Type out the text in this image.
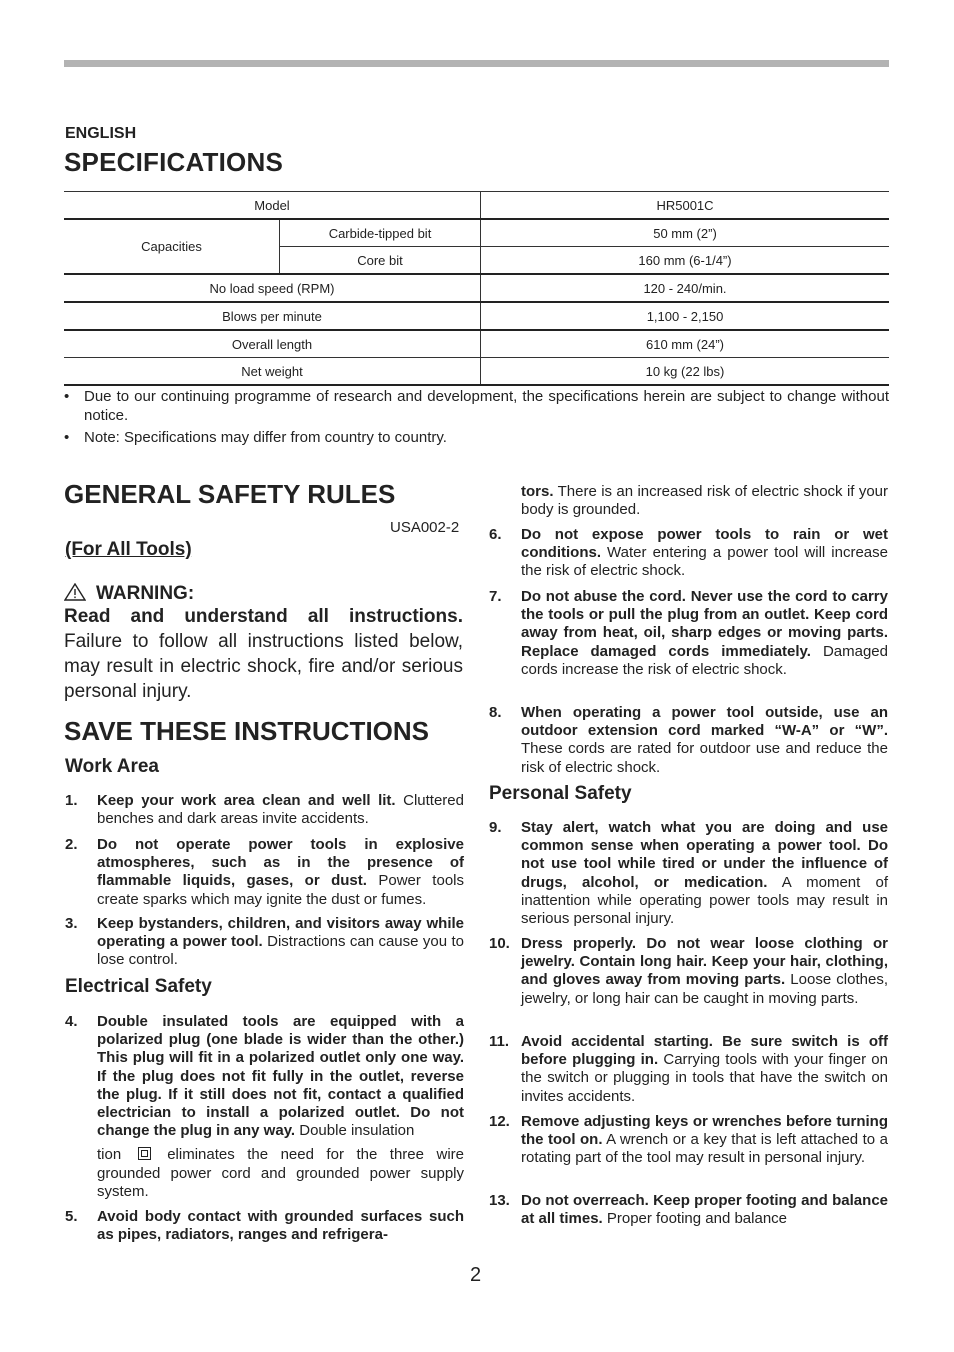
ENGLISH
SPECIFICATIONS
Model		HR5001C
Capacities	Carbide-tipped bit	50 mm (2”)
	Core bit	160 mm (6-1/4”)
No load speed (RPM)		120 - 240/min.
Blows per minute		1,100 - 2,150
Overall length		610 mm (24”)
Net weight		10 kg (22 lbs)
• Due to our continuing programme of research and development, the specifications herein are subject to change without notice.
• Note: Specifications may differ from country to country.
GENERAL SAFETY RULES
USA002-2
(For All Tools)
WARNING:
Read and understand all instructions. Failure to follow all instructions listed below, may result in electric shock, fire and/or serious personal injury.
SAVE THESE INSTRUCTIONS
Work Area
1. Keep your work area clean and well lit. Cluttered benches and dark areas invite accidents.
2. Do not operate power tools in explosive atmospheres, such as in the presence of flammable liquids, gases, or dust. Power tools create sparks which may ignite the dust or fumes.
3. Keep bystanders, children, and visitors away while operating a power tool. Distractions can cause you to lose control.
Electrical Safety
4. Double insulated tools are equipped with a polarized plug (one blade is wider than the other.) This plug will fit in a polarized outlet only one way. If the plug does not fit fully in the outlet, reverse the plug. If it still does not fit, contact a qualified electrician to install a polarized outlet. Do not change the plug in any way. Double insulation
tion	eliminates the need for the three wire grounded power cord and grounded power supply system.
5. Avoid body contact with grounded surfaces such as pipes, radiators, ranges and refrigera-
tors. There is an increased risk of electric shock if your body is grounded.
6. Do not expose power tools to rain or wet conditions. Water entering a power tool will increase the risk of electric shock.
7. Do not abuse the cord. Never use the cord to carry the tools or pull the plug from an outlet. Keep cord away from heat, oil, sharp edges or moving parts. Replace damaged cords immediately. Damaged cords increase the risk of electric shock.
8. When operating a power tool outside, use an outdoor extension cord marked “W-A” or “W”. These cords are rated for outdoor use and reduce the risk of electric shock.
Personal Safety
9. Stay alert, watch what you are doing and use common sense when operating a power tool. Do not use tool while tired or under the influence of drugs, alcohol, or medication. A moment of inattention while operating power tools may result in serious personal injury.
10. Dress properly. Do not wear loose clothing or jewelry. Contain long hair. Keep your hair, clothing, and gloves away from moving parts. Loose clothes, jewelry, or long hair can be caught in moving parts.
11. Avoid accidental starting. Be sure switch is off before plugging in. Carrying tools with your finger on the switch or plugging in tools that have the switch on invites accidents.
12. Remove adjusting keys or wrenches before turning the tool on. A wrench or a key that is left attached to a rotating part of the tool may result in personal injury.
13. Do not overreach. Keep proper footing and balance at all times. Proper footing and balance
2
